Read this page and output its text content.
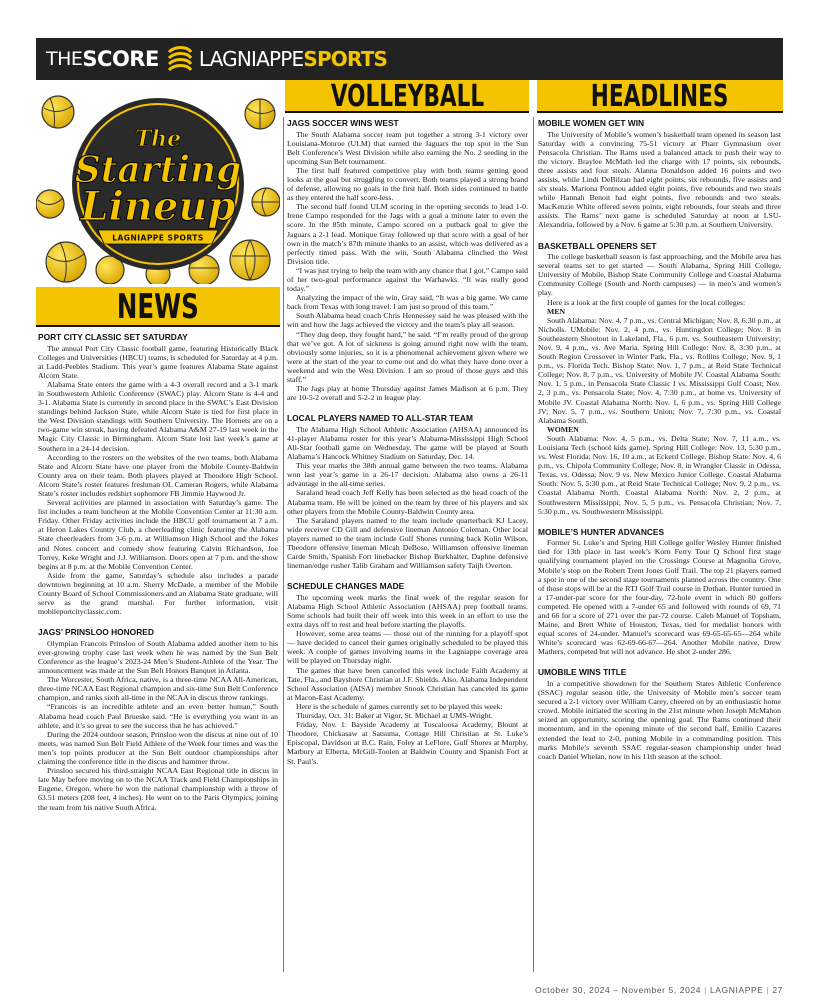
THE SCORE LAGNIAPPE SPORTS
VOLLEYBALL	HEADLINES
The
Starting
Lineup
LAGNIAPPE SPORTS
NEWS
PORT CITY CLASSIC SET SATURDAY

The annual Port City Classic football game, featuring Historically Black Colleges and Universities (HBCU) teams, is scheduled for Saturday at 4 p.m. at Ladd-Peebles Stadium. This year’s game features Alabama State against Alcorn State.

Alabama State enters the game with a 4-3 overall record and a 3-1 mark in Southwestern Athletic Conference (SWAC) play. Alcorn State is 4-4 and 3-1. Alabama State is currently in second place in the SWAC’s East Division standings behind Jackson State, while Alcorn State is tied for first place in the West Division standings with Southern University. The Hornets are on a two-game win streak, having defeated Alabama A&M 27-19 last week in the Magic City Classic in Birmingham. Alcorn State lost last week’s game at Southern in a 24-14 decision.

According to the rosters on the websites of the two teams, both Alabama State and Alcorn State have one player from the Mobile County-Baldwin County area on their team. Both players played at Theodore High School. Alcorn State’s roster features freshman OL Cameran Rogers, while Alabama State’s roster includes redshirt sophomore FB Jimmie Haywood Jr.

Several activities are planned in association with Saturday’s game. The list includes a team luncheon at the Mobile Convention Center at 11:30 a.m. Friday. Other Friday activities include the HBCU golf tournament at 7 a.m. at Heron Lakes Country Club, a cheerleading clinic featuring the Alabama State cheerleaders from 3-6 p.m. at Williamson High School and the Jokes and Notes concert and comedy show featuring Calvin Richardson, Joe Torrey, Keke Wright and J.J. Williamson. Doors open at 7 p.m. and the show begins at 8 p.m. at the Mobile Convention Center.

Aside from the game, Saturday’s schedule also includes a parade downtown beginning at 10 a.m. Sherry McDade, a member of the Mobile County Board of School Commissioners and an Alabama State graduate, will serve as the grand marshal. For further information, visit mobileportcityclassic.com.

JAGS’ PRINSLOO HONORED

Olympian Francois Prinsloo of South Alabama added another item to his ever-growing trophy case last week when he was named by the Sun Belt Conference as the league’s 2023-24 Men’s Student-Athlete of the Year. The announcement was made at the Sun Belt Honors Banquet in Atlanta.

The Worcester, South Africa, native, is a three-time NCAA All-American, three-time NCAA East Regional champion and six-time Sun Belt Conference champion, and ranks sixth all-time in the NCAA in discus throw rankings.

“Francois is an incredible athlete and an even better human,” South Alabama head coach Paul Brueske said. “He is everything you want in an athlete, and it’s so great to see the success that he has achieved.”

During the 2024 outdoor season, Prinsloo won the discus at nine out of 10 meets, was named Sun Belt Field Athlete of the Week four times and was the men’s top points producer at the Sun Belt outdoor championships after claiming the conference title in the discus and hammer throw.

Prinsloo secured his third-straight NCAA East Regional title in discus in late May before moving on to the NCAA Track and Field Championships in Eugene, Oregon, where he won the national championship with a throw of 63.51 meters (208 feet, 4 inches). He went on to the Paris Olympics, joining the team from his native South Africa.

JAGS SOCCER WINS WEST

The South Alabama soccer team put together a strong 3-1 victory over Louisiana-Monroe (ULM) that earned the Jaguars the top spot in the Sun Belt Conference’s West Division while also earning the No. 2 seeding in the upcoming Sun Belt tournament.

The first half featured competitive play with both teams getting good looks at the goal but struggling to convert. Both teams played a strong brand of defense, allowing no goals in the first half. Both sides continued to battle as they entered the half score-less.

The second half found ULM scoring in the opening seconds to lead 1-0. Irene Campo responded for the Jags with a goal a minute later to even the score. In the 85th minute, Campo scored on a putback goal to give the Jaguars a 2-1 lead. Monique Gray followed up that score with a goal of her own in the match’s 87th minute thanks to an assist, which was delivered as a perfectly timed pass. With the win, South Alabama clinched the West Division title.

“I was just trying to help the team with any chance that I got,” Campo said of her two-goal performance against the Warhawks. “It was really good today.”

Analyzing the impact of the win, Gray said, “It was a big game. We came back from Texas with long travel. I am just so proud of this team.”

South Alabama head coach Chris Hennessey said he was pleased with the win and how the Jags achieved the victory and the team’s play all season.

“They dug deep, they fought hard,” he said. “I’m really proud of the group that we’ve got. A lot of sickness is going around right now with the team, obviously some injuries, so it is a phenomenal achievement given where we were at the start of the year to come out and do what they have done over a weekend and win the West Division. I am so proud of those guys and this staff.”

The Jags play at home Thursday against James Madison at 6 p.m. They are 10-5-2 overall and 5-2-2 in league play.

LOCAL PLAYERS NAMED TO ALL-STAR TEAM

The Alabama High School Athletic Association (AHSAA) announced its 41-player Alabama roster for this year’s Alabama-Mississippi High School All-Star football game on Wednesday. The game will be played at South Alabama’s Hancock Whitney Stadium on Saturday, Dec. 14.

This year marks the 38th annual game between the two teams. Alabama won last year’s game in a 26-17 decision. Alabama also owns a 26-11 advantage in the all-time series.

Saraland head coach Jeff Kelly has been selected as the head coach of the Alabama team. He will be joined on the team by three of his players and six other players from the Mobile County-Baldwin County area.

The Saraland players named to the team include quarterback KJ Lacey, wide receiver CD Gill and defensive lineman Antonio Coleman. Other local players named to the team include Gulf Shores running back Kolin Wilson, Theodore offensive lineman Micah DeBose, Williamson offensive lineman Carde Smith, Spanish Fort linebacker Bishop Burkhalter, Daphne defensive lineman/edge rusher Talib Graham and Williamson safety Taijh Overton.

SCHEDULE CHANGES MADE

The upcoming week marks the final week of the regular season for Alabama High School Athletic Association (AHSAA) prep football teams. Some schools had built their off week into this week in an effort to use the extra days off to rest and heal before starting the playoffs.

However, some area teams — those out of the running for a playoff spot — have decided to cancel their games originally scheduled to be played this week. A couple of games involving teams in the Lagniappe coverage area will be played on Thursday night.

The games that have been canceled this week include Faith Academy at Tate, Fla., and Bayshore Christian at J.F. Shields. Also, Alabama Independent School Association (AISA) member Snook Christian has canceled its game at Macon-East Academy.

Here is the schedule of games currently set to be played this week:

Thursday, Oct. 31: Baker at Vigor, St. Michael at UMS-Wright.

Friday, Nov. 1: Bayside Academy at Tuscaloosa Academy, Blount at Theodore, Chickasaw at Satsuma, Cottage Hill Christian at St. Luke’s Episcopal, Davidson at B.C. Rain, Foley at LeFlore, Gulf Shores at Murphy, Marbury at Elberta, McGill-Toolen at Baldwin County and Spanish Fort at St. Paul’s.

MOBILE WOMEN GET WIN

The University of Mobile’s women’s basketball team opened its season last Saturday with a convincing 75-51 victory at Pharr Gymnasium over Pensacola Christian. The Rams used a balanced attack to push their way to the victory. Braylee McMath led the charge with 17 points, six rebounds, three assists and four steals. Alanna Donaldson added 16 points and two assists, while Lindi DeBilzan had eight points, six rebounds, five assists and six steals. Mariona Pontnou added eight points, five rebounds and two steals while Hannah Benoit had eight points, five rebounds and two steals. MacKenzie White offered seven points, eight rebounds, four steals and three assists. The Rams’ next game is scheduled Saturday at noon at LSU-Alexandria, followed by a Nov. 6 game at 5:30 p.m. at Southern University.

BASKETBALL OPENERS SET

The college basketball season is fast approaching, and the Mobile area has several teams set to get started — South Alabama, Spring Hill College, University of Mobile, Bishop State Community College and Coastal Alabama Community College (South and North campuses) — in men’s and women’s play.

Here is a look at the first couple of games for the local colleges:

MEN

South Alabama: Nov. 4, 7 p.m., vs. Central Michigan; Nov. 8, 6:30 p.m., at Nicholls. UMobile: Nov. 2, 4 p.m., vs. Huntingdon College; Nov. 8 in Southeastern Shootout in Lakeland, Fla., 6 p.m. vs. Southeastern University; Nov. 9, 4 p.m., vs. Ave Maria. Spring Hill College: Nov. 8, 3:30 p.m., at South Region Crossover in Winter Park, Fla., vs. Rollins College; Nov. 9, 1 p.m., vs. Florida Tech. Bishop State: Nov. 1, 7 p.m., at Reid State Technical College; Nov. 8, 7 p.m., vs. University of Mobile JV. Coastal Alabama South: Nov. 1, 5 p.m., in Pensacola State Classic I vs. Mississippi Gulf Coast; Nov. 2, 3 p.m., vs. Pensacola State; Nov. 4, 7:30 p.m., at home vs. University of Mobile JV. Coastal Alabama North: Nov. 1, 6 p.m., vs. Spring Hill College JV; Nov. 5, 7 p.m., vs. Southern Union; Nov. 7, 7:30 p.m., vs. Coastal Alabama South.

WOMEN

South Alabama: Nov. 4, 5 p.m., vs. Delta State; Nov. 7, 11 a.m., vs. Louisiana Tech (school kids game). Spring Hill College: Nov. 13, 5:30 p.m., vs. West Florida; Nov. 16, 10 a.m., at Eckerd College. Bishop State: Nov. 4, 6 p.m., vs. Chipola Community College; Nov. 8, in Wrangler Classic in Odessa, Texas, vs. Odessa; Nov. 9 vs. New Mexico Junior College. Coastal Alabama South: Nov. 5, 5:30 p.m., at Reid State Technical College; Nov. 9, 2 p.m., vs. Coastal Alabama North. Coastal Alabama North: Nov. 2, 2 p.m., at Southwestern Mississippi; Nov. 5, 5 p.m., vs. Pensacola Christian; Nov. 7, 5:30 p.m., vs. Southwestern Mississippi.

MOBILE’S HUNTER ADVANCES

Former St. Luke’s and Spring Hill College golfer Wesley Hunter finished tied for 13th place in last week’s Korn Ferry Tour Q School first stage qualifying tournament played on the Crossings Course at Magnolia Grove, Mobile’s stop on the Robert Trent Jones Golf Trail. The top 21 players earned a spot in one of the second stage tournaments planned across the country. One of those stops will be at the RTJ Golf Trail course in Dothan. Hunter turned in a 17-under-par score for the four-day, 72-hole event in which 80 golfers competed. He opened with a 7-under 65 and followed with rounds of 69, 71 and 66 for a score of 271 over the par-72 course. Caleb Manuel of Topsham, Maine, and Brett White of Houston, Texas, tied for medalist honors with equal scores of 24-under. Manuel’s scorecard was 69-65-65-65—264 while White’s scorecard was 62-69-66-67—264. Another Mobile native, Drew Mathers, competed but will not advance. He shot 2-under 286.

UMOBILE WINS TITLE

In a competitive showdown for the Southern States Athletic Conference (SSAC) regular season title, the University of Mobile men’s soccer team secured a 2-1 victory over William Carey, cheered on by an enthusiastic home crowd. Mobile initiated the scoring in the 21st minute when Joseph McMahon seized an opportunity, scoring the opening goal. The Rams continued their momentum, and in the opening minute of the second half, Emilio Cazares extended the lead to 2-0, putting Mobile in a commanding position. This marks Mobile’s seventh SSAC regular-season championship under head coach Daniel Whelan, now in his 11th season at the school.

October 30, 2024 – November 5, 2024 | LAGNIAPPE | 27
